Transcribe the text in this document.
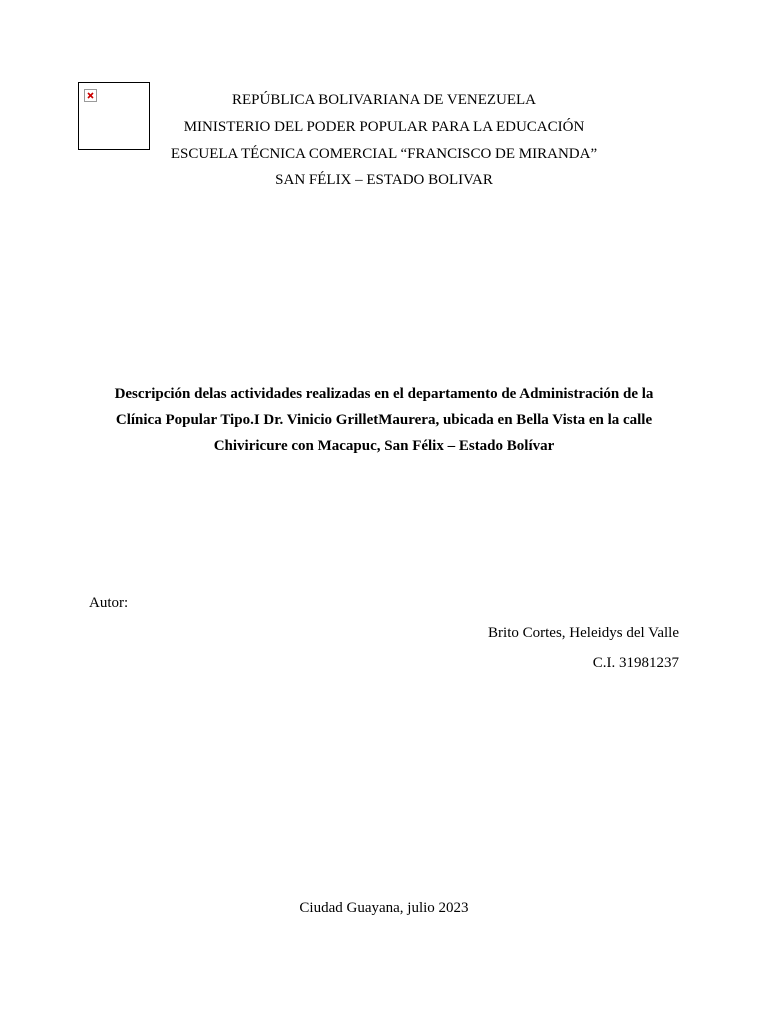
REPÚBLICA BOLIVARIANA DE VENEZUELA
MINISTERIO DEL PODER POPULAR PARA LA EDUCACIÓN
ESCUELA TÉCNICA COMERCIAL “FRANCISCO DE MIRANDA”
SAN FÉLIX – ESTADO BOLIVAR
Descripción delas actividades realizadas en el departamento de Administración de la
Clínica Popular Tipo.I Dr. Vinicio GrilletMaurera, ubicada en Bella Vista en la calle
Chiviricure con Macapuc, San Félix – Estado Bolívar
Autor:
Brito Cortes, Heleidys del Valle
C.I. 31981237
Ciudad Guayana, julio 2023
